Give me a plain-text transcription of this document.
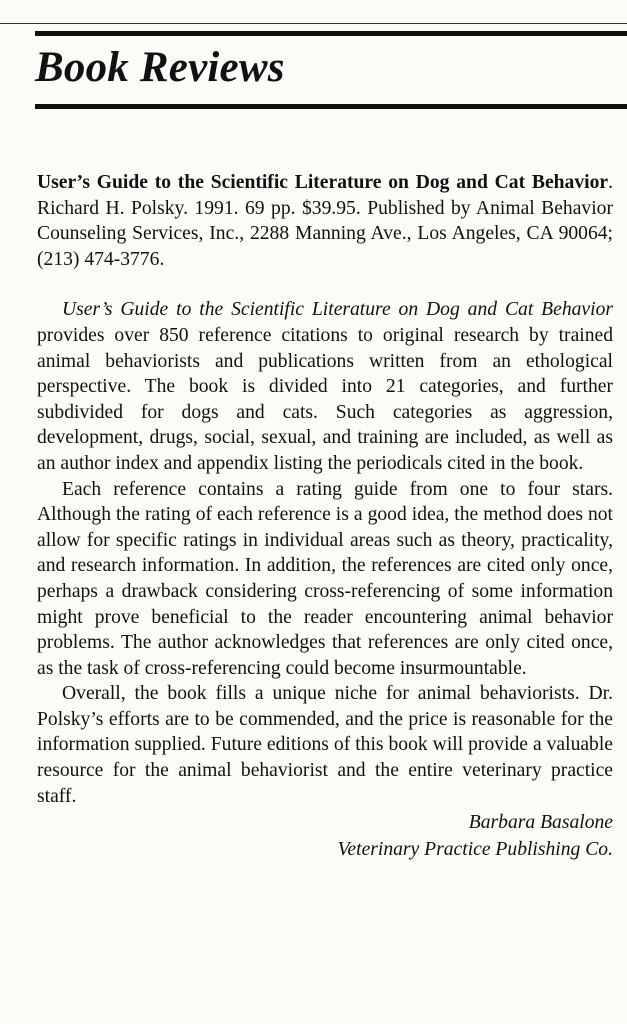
Book Reviews

User’s Guide to the Scientific Literature on Dog and Cat Behavior. Richard H. Polsky. 1991. 69 pp. $39.95. Published by Animal Behavior Counseling Services, Inc., 2288 Manning Ave., Los Angeles, CA 90064; (213) 474-3776.

User’s Guide to the Scientific Literature on Dog and Cat Behavior provides over 850 reference citations to original research by trained animal behaviorists and publications written from an ethological perspective. The book is divided into 21 categories, and further subdivided for dogs and cats. Such categories as aggression, development, drugs, social, sexual, and training are included, as well as an author index and appendix listing the periodicals cited in the book.

Each reference contains a rating guide from one to four stars. Although the rating of each reference is a good idea, the method does not allow for specific ratings in individual areas such as theory, practicality, and research information. In addition, the references are cited only once, perhaps a drawback considering cross-referencing of some information might prove beneficial to the reader encountering animal behavior problems. The author acknowledges that references are only cited once, as the task of cross-referencing could become insurmountable.

Overall, the book fills a unique niche for animal behaviorists. Dr. Polsky’s efforts are to be commended, and the price is reasonable for the information supplied. Future editions of this book will provide a valuable resource for the animal behaviorist and the entire veterinary practice staff.

Barbara Basalone

Veterinary Practice Publishing Co.
